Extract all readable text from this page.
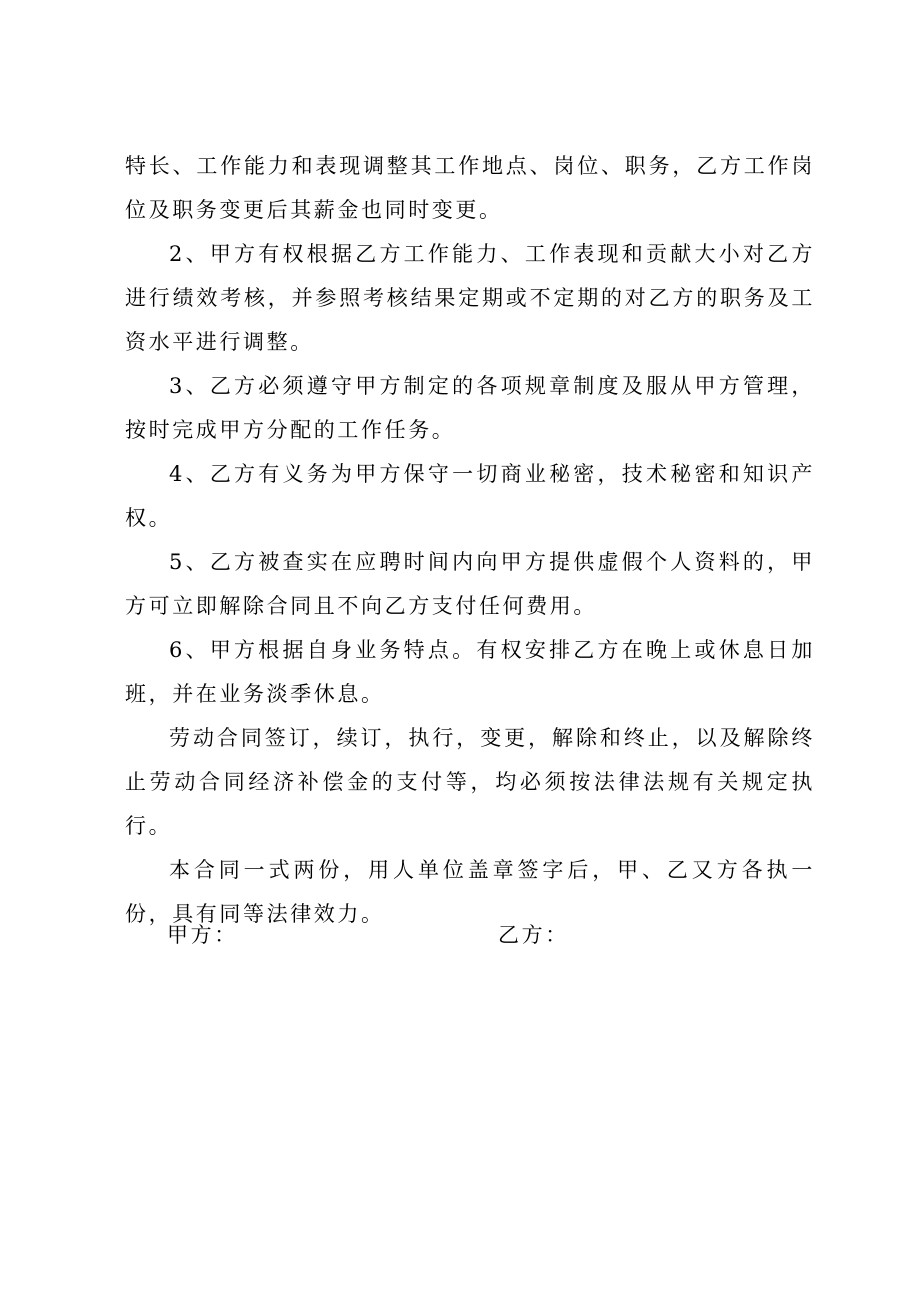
特长、工作能力和表现调整其工作地点、岗位、职务，乙方工作岗位及职务变更后其薪金也同时变更。

2、甲方有权根据乙方工作能力、工作表现和贡献大小对乙方进行绩效考核，并参照考核结果定期或不定期的对乙方的职务及工资水平进行调整。

3、乙方必须遵守甲方制定的各项规章制度及服从甲方管理，按时完成甲方分配的工作任务。

4、乙方有义务为甲方保守一切商业秘密，技术秘密和知识产权。

5、乙方被查实在应聘时间内向甲方提供虚假个人资料的，甲方可立即解除合同且不向乙方支付任何费用。

6、甲方根据自身业务特点。有权安排乙方在晚上或休息日加班，并在业务淡季休息。

劳动合同签订，续订，执行，变更，解除和终止，以及解除终止劳动合同经济补偿金的支付等，均必须按法律法规有关规定执行。

本合同一式两份，用人单位盖章签字后，甲、乙又方各执一份，具有同等法律效力。

甲方：	乙方：
